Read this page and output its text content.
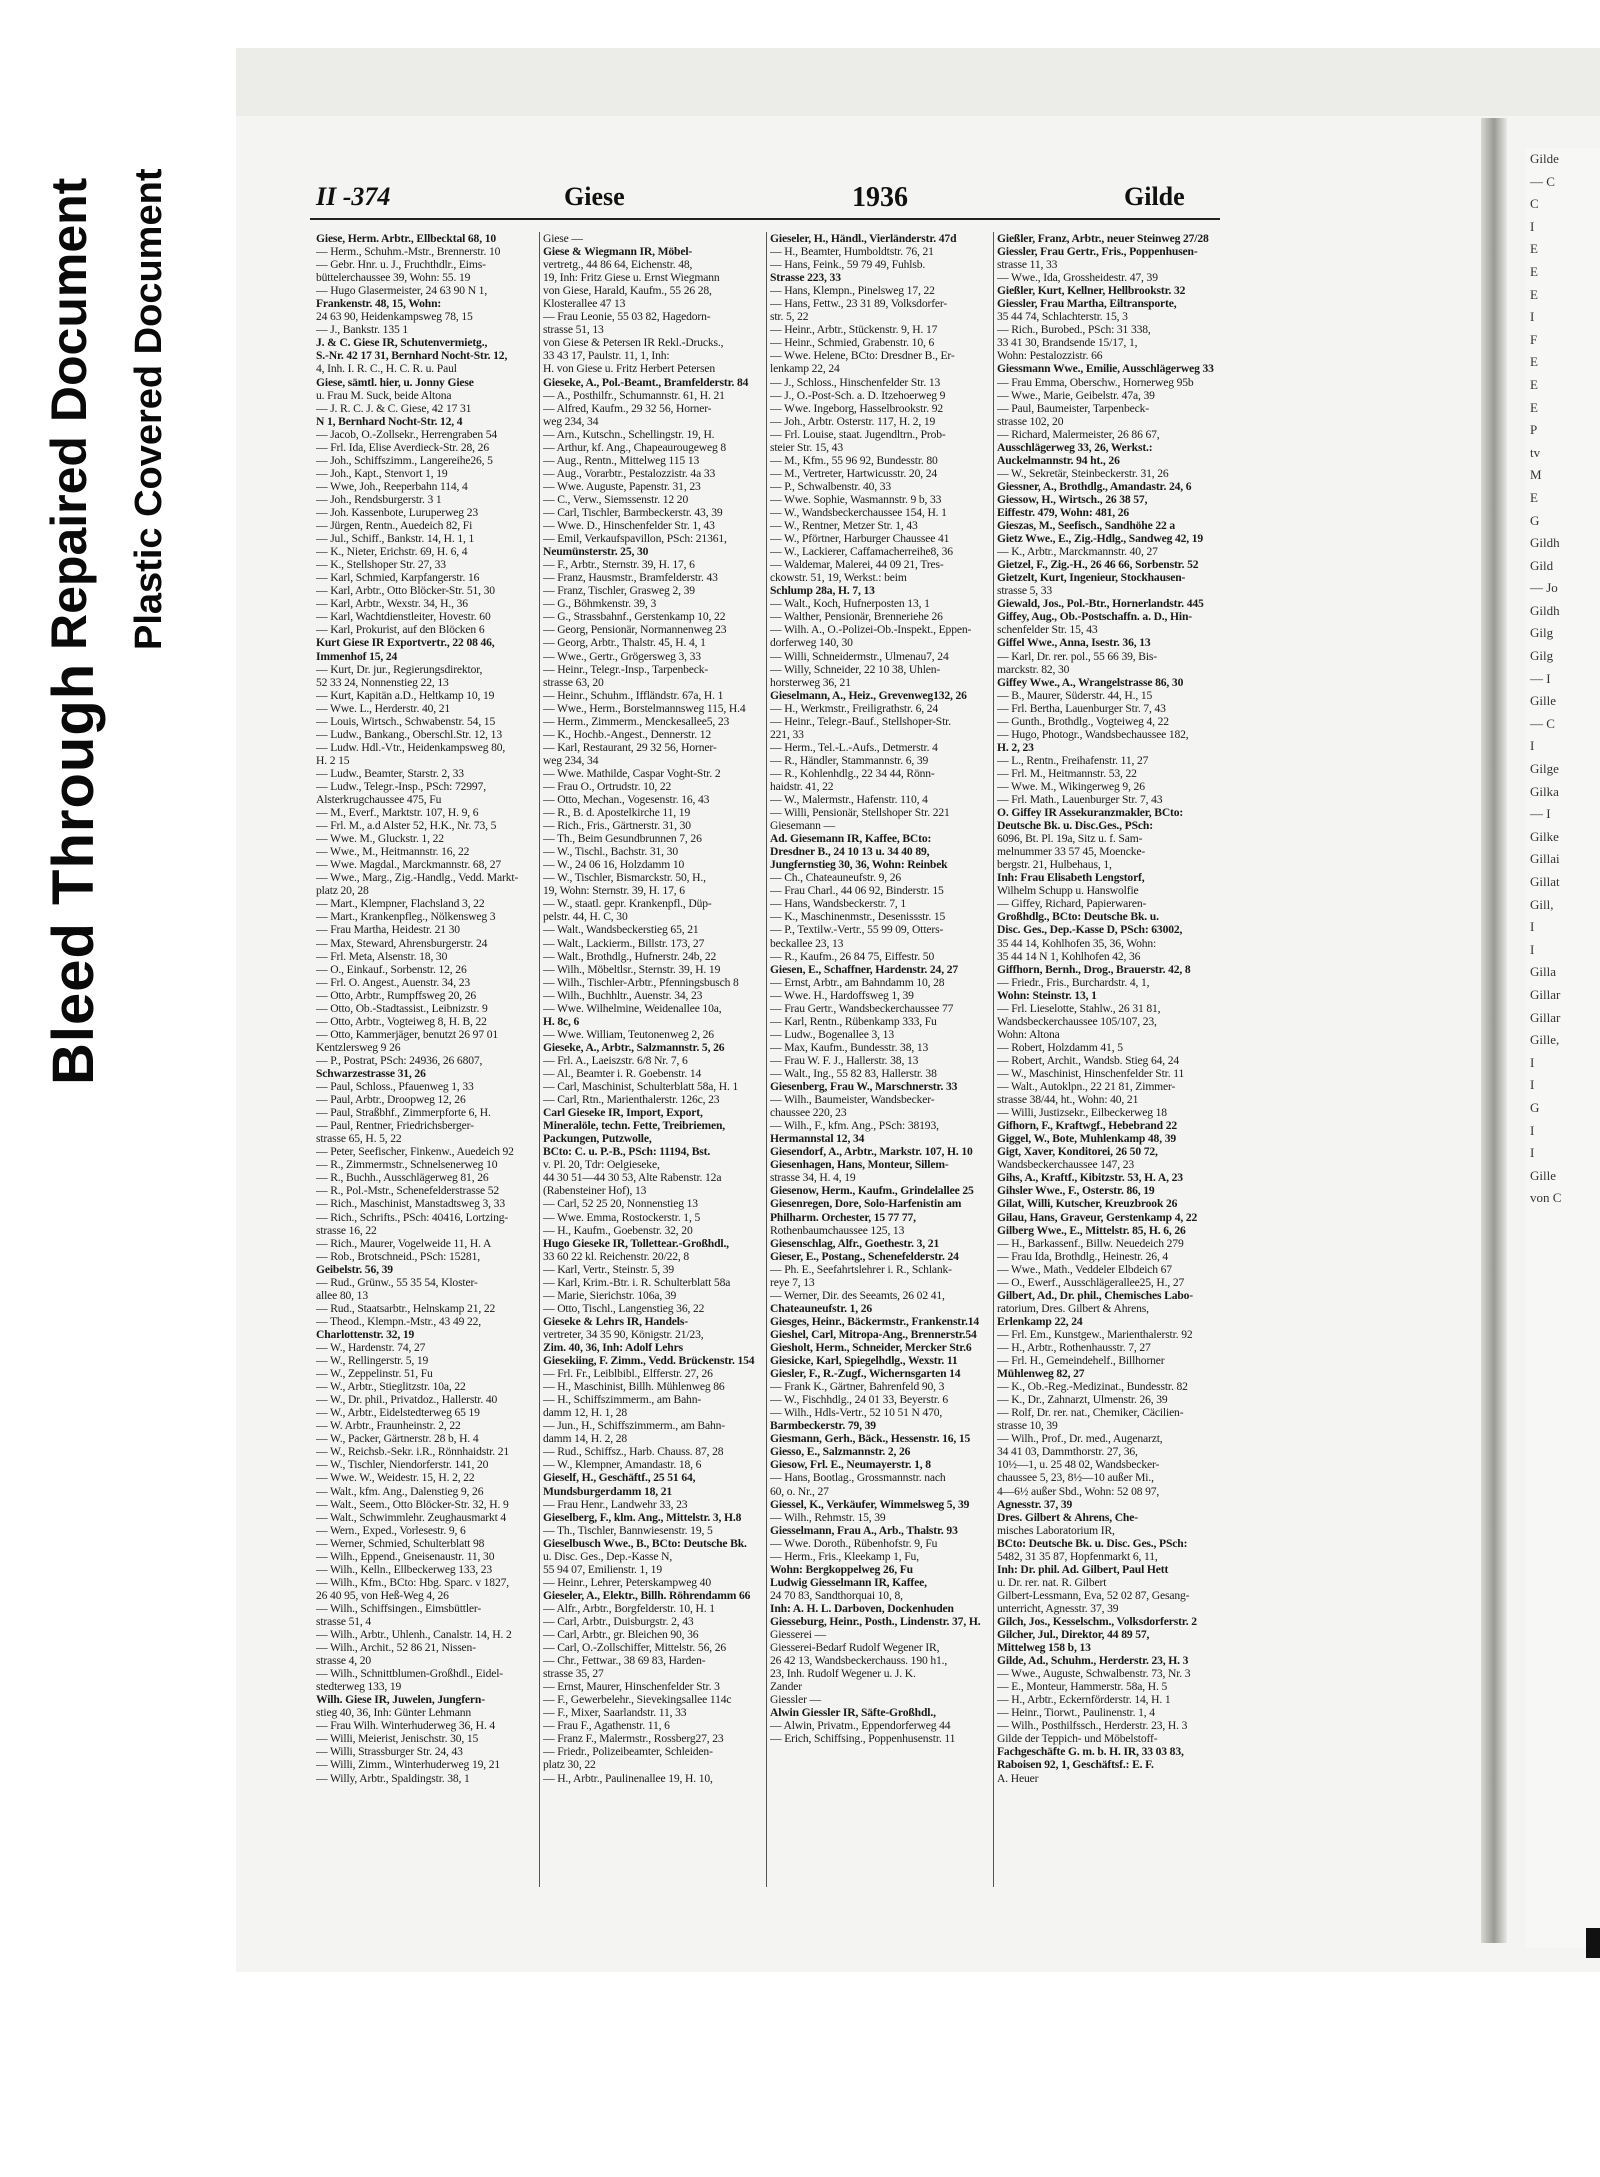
Bleed Through
Repaired Document Plastic Covered Document
Gilde
— C
C
I
E
E
E
I
F
E
E
E
P
tv
M
E
G
Gildh
Gild
— Jo
Gildh
Gilg
Gilg
— I
Gille
— C
I
Gilge
Gilka
— I
Gilke
Gillai
Gillat
Gill,
I
I
Gilla
Gillar
Gillar
Gille,
I
I
G
I
I
Gille
von C
II -374	Giese	1936	Gilde
Giese, Herm. Arbtr., Ellbecktal 68, 10
— Herm., Schuhm.-Mstr., Brennerstr. 10
— Gebr. Hnr. u. J., Fruchthdlr., Eims-
büttelerchaussee 39, Wohn: 55. 19
— Hugo Glasermeister, 24 63 90 N 1,
Frankenstr. 48, 15, Wohn:
24 63 90, Heidenkampsweg 78, 15
— J., Bankstr. 135 1
J. & C. Giese IR, Schutenvermietg.,
S.-Nr. 42 17 31, Bernhard Nocht-Str. 12,
4, Inh. I. R. C., H. C. R. u. Paul
Giese, sämtl. hier, u. Jonny Giese
u. Frau M. Suck, beide Altona
— J. R. C. J. & C. Giese, 42 17 31
N 1, Bernhard Nocht-Str. 12, 4
— Jacob, O.-Zollsekr., Herrengraben 54
— Frl. Ida, Elise Averdieck-Str. 28, 26
— Joh., Schiffszimm., Langereihe26, 5
— Joh., Kapt., Stenvort 1, 19
— Wwe, Joh., Reeperbahn 114, 4
— Joh., Rendsburgerstr. 3 1
— Joh. Kassenbote, Luruperweg 23
— Jürgen, Rentn., Auedeich 82, Fi
— Jul., Schiff., Bankstr. 14, H. 1, 1
— K., Nieter, Erichstr. 69, H. 6, 4
— K., Stellshoper Str. 27, 33
— Karl, Schmied, Karpfangerstr. 16
— Karl, Arbtr., Otto Blöcker-Str. 51, 30
— Karl, Arbtr., Wexstr. 34, H., 36
— Karl, Wachtdienstleiter, Hovestr. 60
— Karl, Prokurist, auf den Blöcken 6
Kurt Giese IR Exportvertr., 22 08 46,
Immenhof 15, 24
— Kurt, Dr. jur., Regierungsdirektor,
52 33 24, Nonnenstieg 22, 13
— Kurt, Kapitän a.D., Heltkamp 10, 19
— Wwe. L., Herderstr. 40, 21
— Louis, Wirtsch., Schwabenstr. 54, 15
— Ludw., Bankang., Oberschl.Str. 12, 13
— Ludw. Hdl.-Vtr., Heidenkampsweg 80,
H. 2 15
— Ludw., Beamter, Starstr. 2, 33
— Ludw., Telegr.-Insp., PSch: 72997,
Alsterkrugchaussee 475, Fu
— M., Everf., Marktstr. 107, H. 9, 6
— Frl. M., a.d Alster 52, H.K., Nr. 73, 5
— Wwe. M., Gluckstr. 1, 22
— Wwe., M., Heitmannstr. 16, 22
— Wwe. Magdal., Marckmannstr. 68, 27
— Wwe., Marg., Zig.-Handlg., Vedd. Markt-
platz 20, 28
— Mart., Klempner, Flachsland 3, 22
— Mart., Krankenpfleg., Nölkensweg 3
— Frau Martha, Heidestr. 21 30
— Max, Steward, Ahrensburgerstr. 24
— Frl. Meta, Alsenstr. 18, 30
— O., Einkauf., Sorbenstr. 12, 26
— Frl. O. Angest., Auenstr. 34, 23
— Otto, Arbtr., Rumpffsweg 20, 26
— Otto, Ob.-Stadtassist., Leibnizstr. 9
— Otto, Arbtr., Vogteiweg 8, H. B, 22
— Otto, Kammerjäger, benutzt 26 97 01
Kentzlersweg 9 26
— P., Postrat, PSch: 24936, 26 6807,
Schwarzestrasse 31, 26
— Paul, Schloss., Pfauenweg 1, 33
— Paul, Arbtr., Droopweg 12, 26
— Paul, Straßbhf., Zimmerpforte 6, H.
— Paul, Rentner, Friedrichsberger-
strasse 65, H. 5, 22
— Peter, Seefischer, Finkenw., Auedeich 92
— R., Zimmermstr., Schnelsenerweg 10
— R., Buchh., Ausschlägerweg 81, 26
— R., Pol.-Mstr., Schenefelderstrasse 52
— Rich., Maschinist, Manstadtsweg 3, 33
— Rich., Schrifts., PSch: 40416, Lortzing-
strasse 16, 22
— Rich., Maurer, Vogelweide 11, H. A
— Rob., Brotschneid., PSch: 15281,
Geibelstr. 56, 39
— Rud., Grünw., 55 35 54, Kloster-
allee 80, 13
— Rud., Staatsarbtr., Helnskamp 21, 22
— Theod., Klempn.-Mstr., 43 49 22,
Charlottenstr. 32, 19
— W., Hardenstr. 74, 27
— W., Rellingerstr. 5, 19
— W., Zeppelinstr. 51, Fu
— W., Arbtr., Stieglitzstr. 10a, 22
— W., Dr. phil., Privatdoz., Hallerstr. 40
— W., Arbtr., Eidelstedterweg 65 19
— W. Arbtr., Fraunheinstr. 2, 22
— W., Packer, Gärtnerstr. 28 b, H. 4
— W., Reichsb.-Sekr. i.R., Rönnhaidstr. 21
— W., Tischler, Niendorferstr. 141, 20
— Wwe. W., Weidestr. 15, H. 2, 22
— Walt., kfm. Ang., Dalenstieg 9, 26
— Walt., Seem., Otto Blöcker-Str. 32, H. 9
— Walt., Schwimmlehr. Zeughausmarkt 4
— Wern., Exped., Vorlesestr. 9, 6
— Werner, Schmied, Schulterblatt 98
— Wilh., Eppend., Gneisenaustr. 11, 30
— Wilh., Kelln., Ellbeckerweg 133, 23
— Wilh., Kfm., BCto: Hbg. Sparc. v 1827,
26 40 95, von Heß-Weg 4, 26
— Wilh., Schiffsingen., Eimsbüttler-
strasse 51, 4
— Wilh., Arbtr., Uhlenh., Canalstr. 14, H. 2
— Wilh., Archit., 52 86 21, Nissen-
strasse 4, 20
— Wilh., Schnittblumen-Großhdl., Eidel-
stedterweg 133, 19
Wilh. Giese IR, Juwelen, Jungfern-
stieg 40, 36, Inh: Günter Lehmann
— Frau Wilh. Winterhuderweg 36, H. 4
— Willi, Meierist, Jenischstr. 30, 15
— Willi, Strassburger Str. 24, 43
— Willi, Zimm., Winterhuderweg 19, 21
— Willy, Arbtr., Spaldingstr. 38, 1
Giese —
Giese & Wiegmann IR, Möbel-
vertretg., 44 86 64, Eichenstr. 48,
19, Inh: Fritz Giese u. Ernst Wiegmann
von Giese, Harald, Kaufm., 55 26 28,
Klosterallee 47 13
— Frau Leonie, 55 03 82, Hagedorn-
strasse 51, 13
von Giese & Petersen IR Rekl.-Drucks.,
33 43 17, Paulstr. 11, 1, Inh:
H. von Giese u. Fritz Herbert Petersen
Gieseke, A., Pol.-Beamt., Bramfelderstr. 84
— A., Posthilfr., Schumannstr. 61, H. 21
— Alfred, Kaufm., 29 32 56, Horner-
weg 234, 34
— Arn., Kutschn., Schellingstr. 19, H.
— Arthur, kf. Ang., Chapeaurougeweg 8
— Aug., Rentn., Mittelweg 115 13
— Aug., Vorarbtr., Pestalozzistr. 4a 33
— Wwe. Auguste, Papenstr. 31, 23
— C., Verw., Siemssenstr. 12 20
— Carl, Tischler, Barmbeckerstr. 43, 39
— Wwe. D., Hinschenfelder Str. 1, 43
— Emil, Verkaufspavillon, PSch: 21361,
Neumünsterstr. 25, 30
— F., Arbtr., Sternstr. 39, H. 17, 6
— Franz, Hausmstr., Bramfelderstr. 43
— Franz, Tischler, Grasweg 2, 39
— G., Böhmkenstr. 39, 3
— G., Strassbahnf., Gerstenkamp 10, 22
— Georg, Pensionär, Normannenweg 23
— Georg, Arbtr., Thalstr. 45, H. 4, 1
— Wwe., Gertr., Grögersweg 3, 33
— Heinr., Telegr.-Insp., Tarpenbeck-
strasse 63, 20
— Heinr., Schuhm., Iffländstr. 67a, H. 1
— Wwe., Herm., Borstelmannsweg 115, H.4
— Herm., Zimmerm., Menckesallee5, 23
— K., Hochb.-Angest., Dennerstr. 12
— Karl, Restaurant, 29 32 56, Horner-
weg 234, 34
— Wwe. Mathilde, Caspar Voght-Str. 2
— Frau O., Ortrudstr. 10, 22
— Otto, Mechan., Vogesenstr. 16, 43
— R., B. d. Apostelkirche 11, 19
— Rich., Fris., Gärtnerstr. 31, 30
— Th., Beim Gesundbrunnen 7, 26
— W., Tischl., Bachstr. 31, 30
— W., 24 06 16, Holzdamm 10
— W., Tischler, Bismarckstr. 50, H.,
19, Wohn: Sternstr. 39, H. 17, 6
— W., staatl. gepr. Krankenpfl., Düp-
pelstr. 44, H. C, 30
— Walt., Wandsbeckerstieg 65, 21
— Walt., Lackierm., Billstr. 173, 27
— Walt., Brothdlg., Hufnerstr. 24b, 22
— Wilh., Möbeltlsr., Sternstr. 39, H. 19
— Wilh., Tischler-Arbtr., Pfenningsbusch 8
— Wilh., Buchhltr., Auenstr. 34, 23
— Wwe. Wilhelmine, Weidenallee 10a,
H. 8c, 6
— Wwe. William, Teutonenweg 2, 26
Gieseke, A., Arbtr., Salzmannstr. 5, 26
— Frl. A., Laeiszstr. 6/8 Nr. 7, 6
— Al., Beamter i. R. Goebenstr. 14
— Carl, Maschinist, Schulterblatt 58a, H. 1
— Carl, Rtn., Marienthalerstr. 126c, 23
Carl Gieseke IR, Import, Export,
Mineralöle, techn. Fette, Treibriemen,
Packungen, Putzwolle,
BCto: C. u. P.-B., PSch: 11194, Bst.
v. Pl. 20, Tdr: Oelgieseke,
44 30 51—44 30 53, Alte Rabenstr. 12a
(Rabensteiner Hof), 13
— Carl, 52 25 20, Nonnenstieg 13
— Wwe. Emma, Rostockerstr. 1, 5
— H., Kaufm., Goebenstr. 32, 20
Hugo Gieseke IR, Tollettear.-Großhdl.,
33 60 22 kl. Reichenstr. 20/22, 8
— Karl, Vertr., Steinstr. 5, 39
— Karl, Krim.-Btr. i. R. Schulterblatt 58a
— Marie, Sierichstr. 106a, 39
— Otto, Tischl., Langenstieg 36, 22
Gieseke & Lehrs IR, Handels-
vertreter, 34 35 90, Königstr. 21/23,
Zim. 40, 36, Inh: Adolf Lehrs
Giesekiing, F. Zimm., Vedd. Brückenstr. 154
— Frl. Fr., Leiblbibl., Elfferstr. 27, 26
— H., Maschinist, Billh. Mühlenweg 86
— H., Schiffszimmerm., am Bahn-
damm 12, H. 1, 28
— Jun., H., Schiffszimmerm., am Bahn-
damm 14, H. 2, 28
— Rud., Schiffsz., Harb. Chauss. 87, 28
— W., Klempner, Amandastr. 18, 6
Gieself, H., Geschäftf., 25 51 64,
Mundsburgerdamm 18, 21
— Frau Henr., Landwehr 33, 23
Gieselberg, F., klm. Ang., Mittelstr. 3, H.8
— Th., Tischler, Bannwiesenstr. 19, 5
Gieselbusch Wwe., B., BCto: Deutsche Bk.
u. Disc. Ges., Dep.-Kasse N,
55 94 07, Emilienstr. 1, 19
— Heinr., Lehrer, Peterskampweg 40
Gieseler, A., Elektr., Billh. Röhrendamm 66
— Alfr., Arbtr., Borgfelderstr. 10, H. 1
— Carl, Arbtr., Duisburgstr. 2, 43
— Carl, Arbtr., gr. Bleichen 90, 36
— Carl, O.-Zollschiffer, Mittelstr. 56, 26
— Chr., Fettwar., 38 69 83, Harden-
strasse 35, 27
— Ernst, Maurer, Hinschenfelder Str. 3
— F., Gewerbelehr., Sievekingsallee 114c
— F., Mixer, Saarlandstr. 11, 33
— Frau F., Agathenstr. 11, 6
— Franz F., Malermstr., Rossberg27, 23
— Friedr., Polizeibeamter, Schleiden-
platz 30, 22
— H., Arbtr., Paulinenallee 19, H. 10,
Gieseler, H., Händl., Vierländerstr. 47d
— H., Beamter, Humboldtstr. 76, 21
— Hans, Feink., 59 79 49, Fuhlsb.
Strasse 223, 33
— Hans, Klempn., Pinelsweg 17, 22
— Hans, Fettw., 23 31 89, Volksdorfer-
str. 5, 22
— Heinr., Arbtr., Stückenstr. 9, H. 17
— Heinr., Schmied, Grabenstr. 10, 6
— Wwe. Helene, BCto: Dresdner B., Er-
lenkamp 22, 24
— J., Schloss., Hinschenfelder Str. 13
— J., O.-Post-Sch. a. D. Itzehoerweg 9
— Wwe. Ingeborg, Hasselbrookstr. 92
— Joh., Arbtr. Osterstr. 117, H. 2, 19
— Frl. Louise, staat. Jugendltrn., Prob-
steier Str. 15, 43
— M., Kfm., 55 96 92, Bundesstr. 80
— M., Vertreter, Hartwicusstr. 20, 24
— P., Schwalbenstr. 40, 33
— Wwe. Sophie, Wasmannstr. 9 b, 33
— W., Wandsbeckerchaussee 154, H. 1
— W., Rentner, Metzer Str. 1, 43
— W., Pförtner, Harburger Chaussee 41
— W., Lackierer, Caffamacherreihe8, 36
— Waldemar, Malerei, 44 09 21, Tres-
ckowstr. 51, 19, Werkst.: beim
Schlump 28a, H. 7, 13
— Walt., Koch, Hufnerposten 13, 1
— Walther, Pensionär, Brenneriehe 26
— Wilh. A., O.-Polizei-Ob.-Inspekt., Eppen-
dorferweg 140, 30
— Willi, Schneidermstr., Ulmenau7, 24
— Willy, Schneider, 22 10 38, Uhlen-
horsterweg 36, 21
Gieselmann, A., Heiz., Grevenweg132, 26
— H., Werkmstr., Freiligrathstr. 6, 24
— Heinr., Telegr.-Bauf., Stellshoper-Str.
221, 33
— Herm., Tel.-L.-Aufs., Detmerstr. 4
— R., Händler, Stammannstr. 6, 39
— R., Kohlenhdlg., 22 34 44, Rönn-
haidstr. 41, 22
— W., Malermstr., Hafenstr. 110, 4
— Willi, Pensionär, Stellshoper Str. 221
Giesemann —
Ad. Giesemann IR, Kaffee, BCto:
Dresdner B., 24 10 13 u. 34 40 89,
Jungfernstieg 30, 36, Wohn: Reinbek
— Ch., Chateauneufstr. 9, 26
— Frau Charl., 44 06 92, Binderstr. 15
— Hans, Wandsbeckerstr. 7, 1
— K., Maschinenmstr., Desenissstr. 15
— P., Textilw.-Vertr., 55 99 09, Otters-
beckallee 23, 13
— R., Kaufm., 26 84 75, Eiffestr. 50
Giesen, E., Schaffner, Hardenstr. 24, 27
— Ernst, Arbtr., am Bahndamm 10, 28
— Wwe. H., Hardoffsweg 1, 39
— Frau Gertr., Wandsbeckerchaussee 77
— Karl, Rentn., Rübenkamp 333, Fu
— Ludw., Bogenallee 3, 13
— Max, Kaufm., Bundesstr. 38, 13
— Frau W. F. J., Hallerstr. 38, 13
— Walt., Ing., 55 82 83, Hallerstr. 38
Giesenberg, Frau W., Marschnerstr. 33
— Wilh., Baumeister, Wandsbecker-
chaussee 220, 23
— Wilh., F., kfm. Ang., PSch: 38193,
Hermannstal 12, 34
Giesendorf, A., Arbtr., Markstr. 107, H. 10
Giesenhagen, Hans, Monteur, Sillem-
strasse 34, H. 4, 19
Giesenow, Herm., Kaufm., Grindelallee 25
Giesenregen, Dore, Solo-Harfenistin am
Philharm. Orchester, 15 77 77,
Rothenbaumchaussee 125, 13
Giesenschlag, Alfr., Goethestr. 3, 21
Gieser, E., Postang., Schenefelderstr. 24
— Ph. E., Seefahrtslehrer i. R., Schlank-
reye 7, 13
— Werner, Dir. des Seeamts, 26 02 41,
Chateauneufstr. 1, 26
Giesges, Heinr., Bäckermstr., Frankenstr.14
Gieshel, Carl, Mitropa-Ang., Brennerstr.54
Giesholt, Herm., Schneider, Mercker Str.6
Giesicke, Karl, Spiegelhdlg., Wexstr. 11
Giesler, F., R.-Zugf., Wichernsgarten 14
— Frank K., Gärtner, Bahrenfeld 90, 3
— W., Fischhdlg., 24 01 33, Beyerstr. 6
— Wilh., Hdls-Vertr., 52 10 51 N 470,
Barmbeckerstr. 79, 39
Giesmann, Gerh., Bäck., Hessenstr. 16, 15
Giesso, E., Salzmannstr. 2, 26
Giesow, Frl. E., Neumayerstr. 1, 8
— Hans, Bootlag., Grossmannstr. nach
60, o. Nr., 27
Giessel, K., Verkäufer, Wimmelsweg 5, 39
— Wilh., Rehmstr. 15, 39
Giesselmann, Frau A., Arb., Thalstr. 93
— Wwe. Doroth., Rübenhofstr. 9, Fu
— Herm., Fris., Kleekamp 1, Fu,
Wohn: Bergkoppelweg 26, Fu
Ludwig Giesselmann IR, Kaffee,
24 70 83, Sandthorquai 10, 8,
Inh: A. H. L. Darboven, Dockenhuden
Giesseburg, Heinr., Posth., Lindenstr. 37, H.
Giesserei —
Giesserei-Bedarf Rudolf Wegener IR,
26 42 13, Wandsbeckerchauss. 190 h1.,
23, Inh. Rudolf Wegener u. J. K.
Zander
Giessler —
Alwin Giessler IR, Säfte-Großhdl.,
— Alwin, Privatm., Eppendorferweg 44
— Erich, Schiffsing., Poppenhusenstr. 11
Gießler, Franz, Arbtr., neuer Steinweg 27/28
Giessler, Frau Gertr., Fris., Poppenhusen-
strasse 11, 33
— Wwe., Ida, Grossheidestr. 47, 39
Gießler, Kurt, Kellner, Hellbrookstr. 32
Giessler, Frau Martha, Eiltransporte,
35 44 74, Schlachterstr. 15, 3
— Rich., Burobed., PSch: 31 338,
33 41 30, Brandsende 15/17, 1,
Wohn: Pestalozzistr. 66
Giessmann Wwe., Emilie, Ausschlägerweg 33
— Frau Emma, Oberschw., Hornerweg 95b
— Wwe., Marie, Geibelstr. 47a, 39
— Paul, Baumeister, Tarpenbeck-
strasse 102, 20
— Richard, Malermeister, 26 86 67,
Ausschlägerweg 33, 26, Werkst.:
Auckelmannstr. 94 ht., 26
— W., Sekretär, Steinbeckerstr. 31, 26
Giessner, A., Brothdlg., Amandastr. 24, 6
Giessow, H., Wirtsch., 26 38 57,
Eiffestr. 479, Wohn: 481, 26
Gieszas, M., Seefisch., Sandhöhe 22 a
Gietz Wwe., E., Zig.-Hdlg., Sandweg 42, 19
— K., Arbtr., Marckmannstr. 40, 27
Gietzel, F., Zig.-H., 26 46 66, Sorbenstr. 52
Gietzelt, Kurt, Ingenieur, Stockhausen-
strasse 5, 33
Giewald, Jos., Pol.-Btr., Hornerlandstr. 445
Giffey, Aug., Ob.-Postschaffn. a. D., Hin-
schenfelder Str. 15, 43
Giffel Wwe., Anna, Isestr. 36, 13
— Karl, Dr. rer. pol., 55 66 39, Bis-
marckstr. 82, 30
Giffey Wwe., A., Wrangelstrasse 86, 30
— B., Maurer, Süderstr. 44, H., 15
— Frl. Bertha, Lauenburger Str. 7, 43
— Gunth., Brothdlg., Vogteiweg 4, 22
— Hugo, Photogr., Wandsbechaussee 182,
H. 2, 23
— L., Rentn., Freihafenstr. 11, 27
— Frl. M., Heitmannstr. 53, 22
— Wwe. M., Wikingerweg 9, 26
— Frl. Math., Lauenburger Str. 7, 43
O. Giffey IR Assekuranzmakler, BCto:
Deutsche Bk. u. Disc.Ges., PSch:
6096, Bt. Pl. 19a, Sitz u. f. Sam-
melnummer 33 57 45, Moencke-
bergstr. 21, Hulbehaus, 1,
Inh: Frau Elisabeth Lengstorf,
Wilhelm Schupp u. Hanswolfie
— Giffey, Richard, Papierwaren-
Großhdlg., BCto: Deutsche Bk. u.
Disc. Ges., Dep.-Kasse D, PSch: 63002,
35 44 14, Kohlhofen 35, 36, Wohn:
35 44 14 N 1, Kohlhofen 42, 36
Giffhorn, Bernh., Drog., Brauerstr. 42, 8
— Friedr., Fris., Burchardstr. 4, 1,
Wohn: Steinstr. 13, 1
— Frl. Lieselotte, Stahlw., 26 31 81,
Wandsbeckerchaussee 105/107, 23,
Wohn: Altona
— Robert, Holzdamm 41, 5
— Robert, Archit., Wandsb. Stieg 64, 24
— W., Maschinist, Hinschenfelder Str. 11
— Walt., Autoklpn., 22 21 81, Zimmer-
strasse 38/44, ht., Wohn: 40, 21
— Willi, Justizsekr., Eilbeckerweg 18
Gifhorn, F., Kraftwgf., Hebebrand 22
Giggel, W., Bote, Muhlenkamp 48, 39
Gigt, Xaver, Konditorei, 26 50 72,
Wandsbeckerchaussee 147, 23
Gihs, A., Kraftf., Kibitzstr. 53, H. A, 23
Gihsler Wwe., F., Osterstr. 86, 19
Gilat, Willi, Kutscher, Kreuzbrook 26
Gilau, Hans, Graveur, Gerstenkamp 4, 22
Gilberg Wwe., E., Mittelstr. 85, H. 6, 26
— H., Barkassenf., Billw. Neuedeich 279
— Frau Ida, Brothdlg., Heinestr. 26, 4
— Wwe., Math., Veddeler Elbdeich 67
— O., Ewerf., Ausschlägerallee25, H., 27
Gilbert, Ad., Dr. phil., Chemisches Labo-
ratorium, Dres. Gilbert & Ahrens,
Erlenkamp 22, 24
— Frl. Em., Kunstgew., Marienthalerstr. 92
— H., Arbtr., Rothenhausstr. 7, 27
— Frl. H., Gemeindehelf., Billhorner
Mühlenweg 82, 27
— K., Ob.-Reg.-Medizinat., Bundesstr. 82
— K., Dr., Zahnarzt, Ulmenstr. 26, 39
— Rolf, Dr. rer. nat., Chemiker, Cäcilien-
strasse 10, 39
— Wilh., Prof., Dr. med., Augenarzt,
34 41 03, Dammthorstr. 27, 36,
10½—1, u. 25 48 02, Wandsbecker-
chaussee 5, 23, 8½—10 außer Mi.,
4—6½ außer Sbd., Wohn: 52 08 97,
Agnesstr. 37, 39
Dres. Gilbert & Ahrens, Che-
misches Laboratorium IR,
BCto: Deutsche Bk. u. Disc. Ges., PSch:
5482, 31 35 87, Hopfenmarkt 6, 11,
Inh: Dr. phil. Ad. Gilbert, Paul Hett
u. Dr. rer. nat. R. Gilbert
Gilbert-Lessmann, Eva, 52 02 87, Gesang-
unterricht, Agnesstr. 37, 39
Gilch, Jos., Kesselschm., Volksdorferstr. 2
Gilcher, Jul., Direktor, 44 89 57,
Mittelweg 158 b, 13
Gilde, Ad., Schuhm., Herderstr. 23, H. 3
— Wwe., Auguste, Schwalbenstr. 73, Nr. 3
— E., Monteur, Hammerstr. 58a, H. 5
— H., Arbtr., Eckernförderstr. 14, H. 1
— Heinr., Tiorwt., Paulinenstr. 1, 4
— Wilh., Posthilfssch., Herderstr. 23, H. 3
Gilde der Teppich- und Möbelstoff-
Fachgeschäfte G. m. b. H. IR, 33 03 83,
Raboisen 92, 1, Geschäftsf.: E. F.
A. Heuer
